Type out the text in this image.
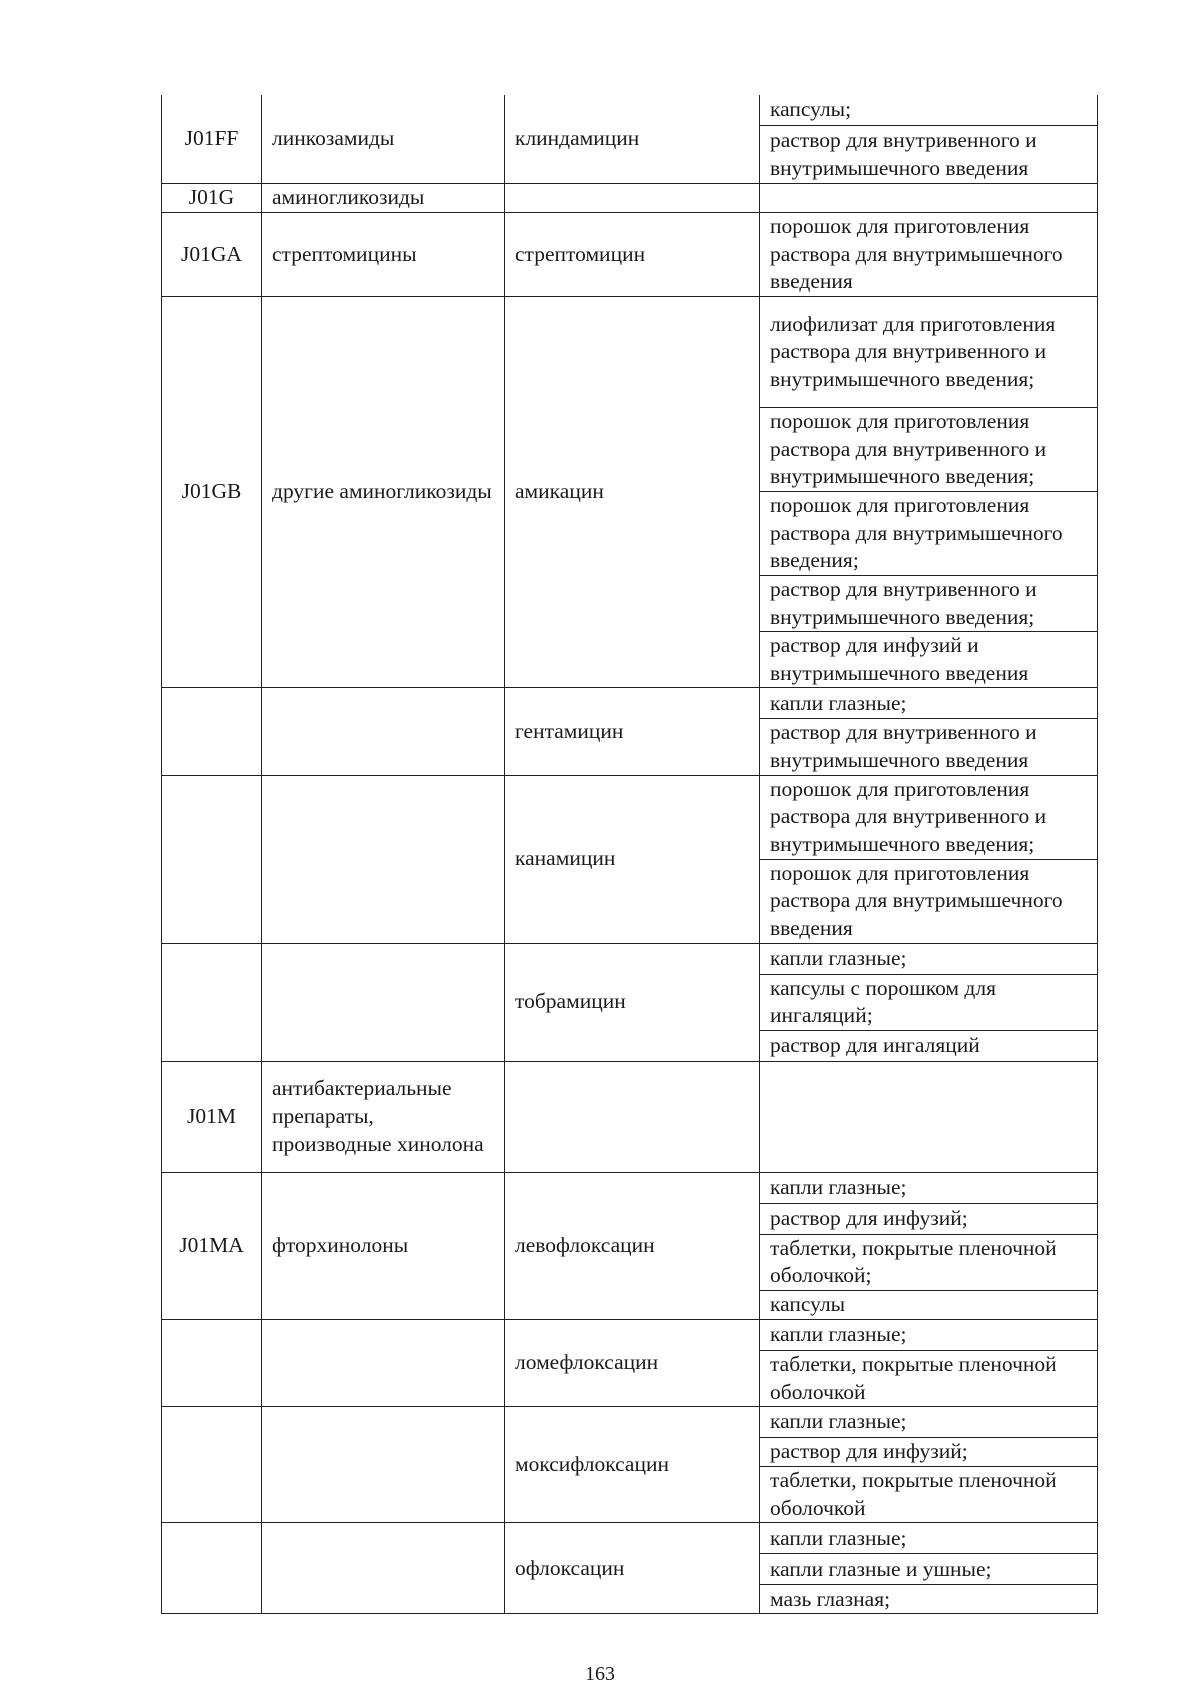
J01FF	линкозамиды	клиндамицин	капсулы;
			раствор для внутривенного и внутримышечного введения
J01G	аминогликозиды		
J01GA	стрептомицины	стрептомицин	порошок для приготовления раствора для внутримышечного введения
J01GB	другие аминогликозиды	амикацин	лиофилизат для приготовления раствора для внутривенного и внутримышечного введения;
			порошок для приготовления раствора для внутривенного и внутримышечного введения;
			порошок для приготовления раствора для внутримышечного введения;
			раствор для внутривенного и внутримышечного введения;
			раствор для инфузий и внутримышечного введения
		гентамицин	капли глазные;
			раствор для внутривенного и внутримышечного введения
		канамицин	порошок для приготовления раствора для внутривенного и внутримышечного введения;
			порошок для приготовления раствора для внутримышечного введения
		тобрамицин	капли глазные;
			капсулы с порошком для ингаляций;
			раствор для ингаляций
J01M	антибактериальные препараты, производные хинолона		
J01MA	фторхинолоны	левофлоксацин	капли глазные;
			раствор для инфузий;
			таблетки, покрытые пленочной оболочкой;
			капсулы
		ломефлоксацин	капли глазные;
			таблетки, покрытые пленочной оболочкой
		моксифлоксацин	капли глазные;
			раствор для инфузий;
			таблетки, покрытые пленочной оболочкой
		офлоксацин	капли глазные;
			капли глазные и ушные;
			мазь глазная;
163
